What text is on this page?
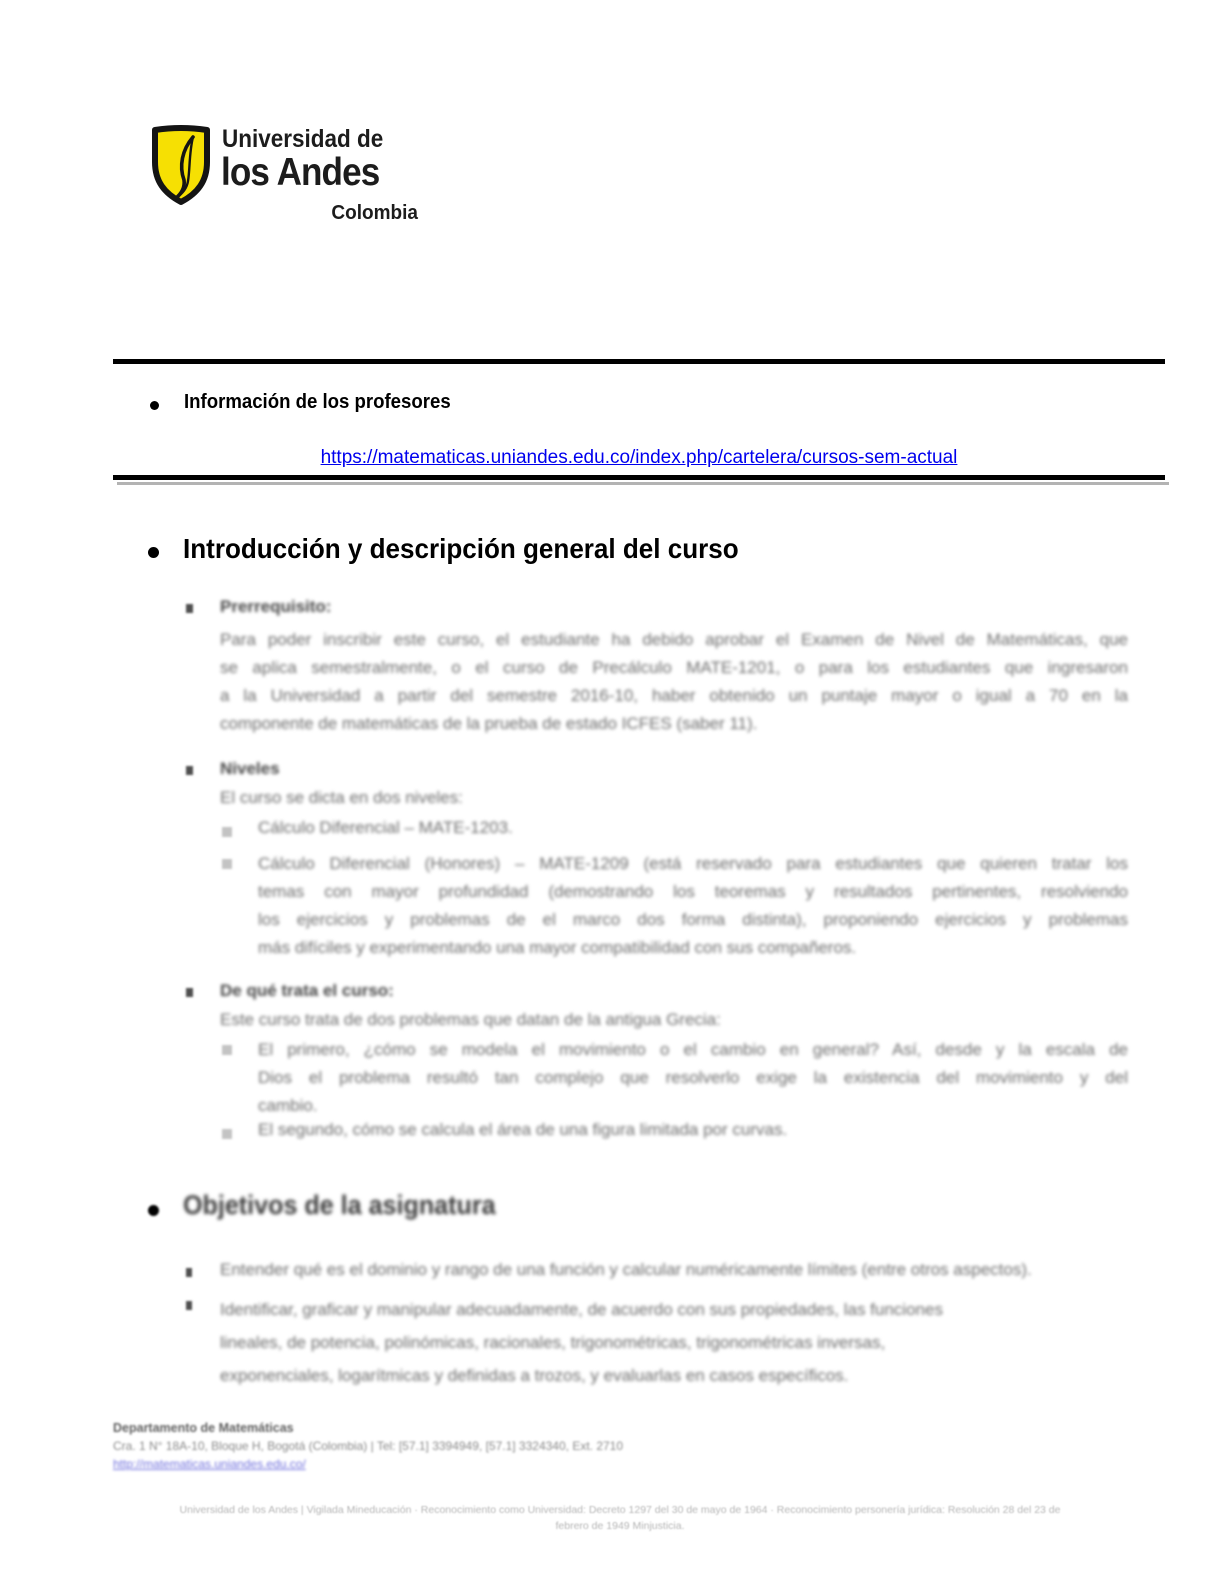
Universidad de
los Andes
Colombia
Información de los profesores
https://matematicas.uniandes.edu.co/index.php/cartelera/cursos-sem-actual
Introducción y descripción general del curso
Prerrequisito:
Para poder inscribir este curso, el estudiante ha debido aprobar el Examen de Nivel de Matemáticas, que
se aplica semestralmente, o el curso de Precálculo MATE-1201, o para los estudiantes que ingresaron
a la Universidad a partir del semestre 2016-10, haber obtenido un puntaje mayor o igual a 70 en la
componente de matemáticas de la prueba de estado ICFES (saber 11).
Niveles
El curso se dicta en dos niveles:
Cálculo Diferencial – MATE-1203.
Cálculo Diferencial (Honores) – MATE-1209 (está reservado para estudiantes que quieren tratar los
temas con mayor profundidad (demostrando los teoremas y resultados pertinentes, resolviendo
los ejercicios y problemas de el marco dos forma distinta), proponiendo ejercicios y problemas
más difíciles y experimentando una mayor compatibilidad con sus compañeros.
De qué trata el curso:
Este curso trata de dos problemas que datan de la antigua Grecia:
El primero, ¿cómo se modela el movimiento o el cambio en general? Así, desde y la escala de
Dios el problema resultó tan complejo que resolverlo exige la existencia del movimiento y del
cambio.
El segundo, cómo se calcula el área de una figura limitada por curvas.
Objetivos de la asignatura
Entender qué es el dominio y rango de una función y calcular numéricamente límites (entre otros aspectos).
Identificar, graficar y manipular adecuadamente, de acuerdo con sus propiedades, las funciones
lineales, de potencia, polinómicas, racionales, trigonométricas, trigonométricas inversas,
exponenciales, logarítmicas y definidas a trozos, y evaluarlas en casos específicos.
Departamento de Matemáticas
Cra. 1 N° 18A-10, Bloque H, Bogotá (Colombia) | Tel: [57.1] 3394949, [57.1] 3324340, Ext. 2710
http://matematicas.uniandes.edu.co/
Universidad de los Andes | Vigilada Mineducación · Reconocimiento como Universidad: Decreto 1297 del 30 de mayo de 1964 · Reconocimiento personería jurídica: Resolución 28 del 23 de
febrero de 1949 Minjusticia.
